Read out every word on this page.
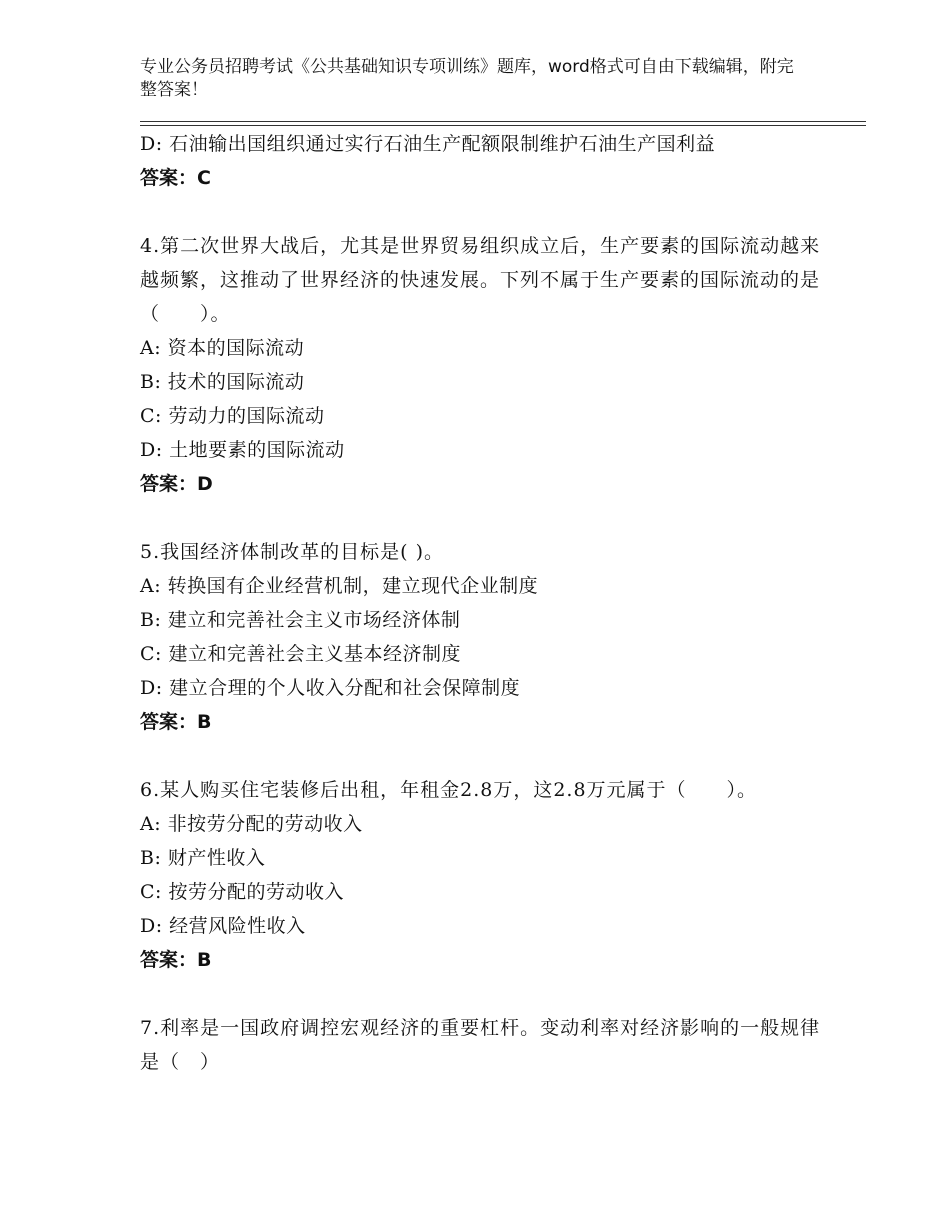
专业公务员招聘考试《公共基础知识专项训练》题库，word格式可自由下载编辑，附完整答案！
D: 石油输出国组织通过实行石油生产配额限制维护石油生产国利益
答案：C
4.第二次世界大战后，尤其是世界贸易组织成立后，生产要素的国际流动越来越频繁，这推动了世界经济的快速发展。下列不属于生产要素的国际流动的是（　　）。
A: 资本的国际流动
B: 技术的国际流动
C: 劳动力的国际流动
D: 土地要素的国际流动
答案：D
5.我国经济体制改革的目标是( )。
A: 转换国有企业经营机制，建立现代企业制度
B: 建立和完善社会主义市场经济体制
C: 建立和完善社会主义基本经济制度
D: 建立合理的个人收入分配和社会保障制度
答案：B
6.某人购买住宅装修后出租，年租金2.8万，这2.8万元属于（　　）。
A: 非按劳分配的劳动收入
B: 财产性收入
C: 按劳分配的劳动收入
D: 经营风险性收入
答案：B
7.利率是一国政府调控宏观经济的重要杠杆。变动利率对经济影响的一般规律是（　）
